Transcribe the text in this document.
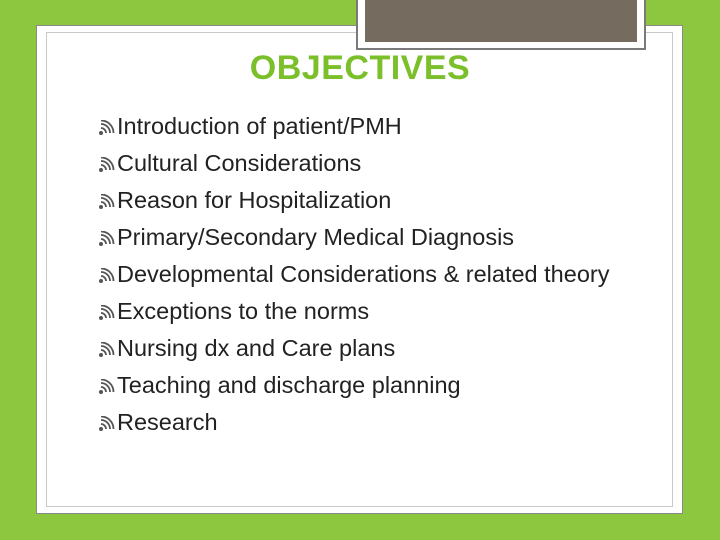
OBJECTIVES
Introduction of patient/PMH
Cultural Considerations
Reason for Hospitalization
Primary/Secondary Medical Diagnosis
Developmental Considerations & related theory
Exceptions to the norms
Nursing dx and Care plans
Teaching and discharge planning
Research
